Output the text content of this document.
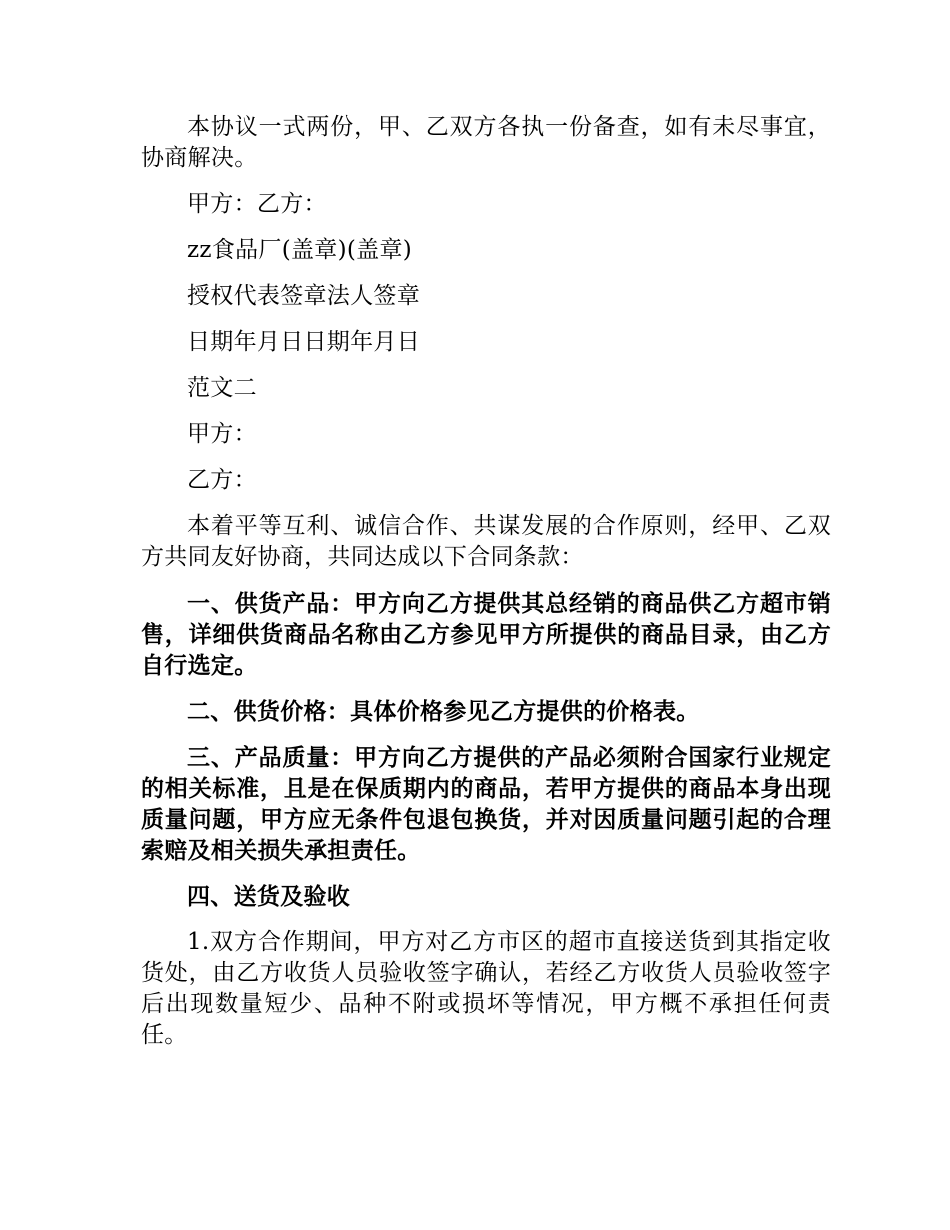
本协议一式两份，甲、乙双方各执一份备查，如有未尽事宜，协商解决。

甲方：乙方：

zz食品厂(盖章)(盖章)

授权代表签章法人签章

日期年月日日期年月日

范文二

甲方：

乙方：

本着平等互利、诚信合作、共谋发展的合作原则，经甲、乙双方共同友好协商，共同达成以下合同条款：

一、供货产品：甲方向乙方提供其总经销的商品供乙方超市销售，详细供货商品名称由乙方参见甲方所提供的商品目录，由乙方自行选定。

二、供货价格：具体价格参见乙方提供的价格表。

三、产品质量：甲方向乙方提供的产品必须附合国家行业规定的相关标准，且是在保质期内的商品，若甲方提供的商品本身出现质量问题，甲方应无条件包退包换货，并对因质量问题引起的合理索赔及相关损失承担责任。

四、送货及验收

1.双方合作期间，甲方对乙方市区的超市直接送货到其指定收货处，由乙方收货人员验收签字确认，若经乙方收货人员验收签字后出现数量短少、品种不附或损坏等情况，甲方概不承担任何责任。
